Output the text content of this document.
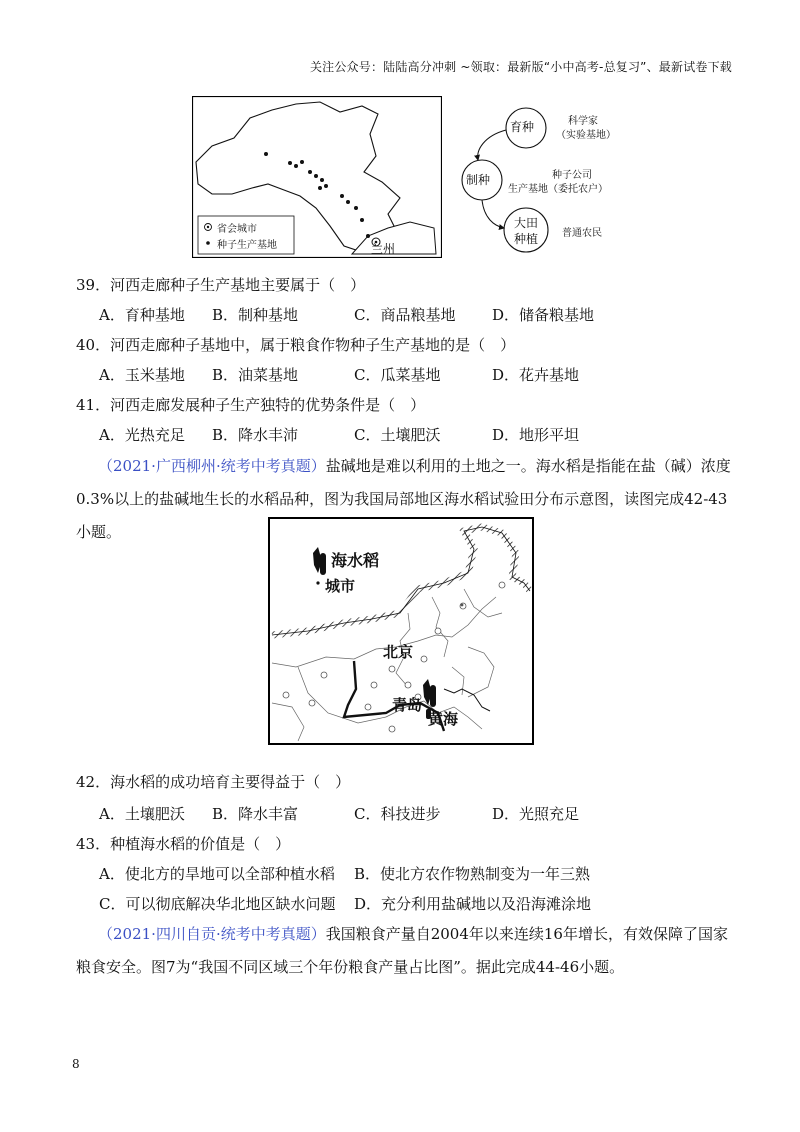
关注公众号：陆陆高分冲刺 ~领取：最新版“小中高考-总复习”、最新试卷下载
省会城市
种子生产基地	兰州
育种
制种
大田
种植
科学家
（实验基地）
种子公司
生产基地（委托农户）
普通农民
39．河西走廊种子生产基地主要属于（　）
A．育种基地 B．制种基地	C．商品粮基地 D．储备粮基地
40．河西走廊种子基地中，属于粮食作物种子生产基地的是（　）
A．玉米基地 B．油菜基地	C．瓜菜基地	D．花卉基地
41．河西走廊发展种子生产独特的优势条件是（　）
A．光热充足 B．降水丰沛	C．土壤肥沃	D．地形平坦
（2021·广西柳州·统考中考真题）盐碱地是难以利用的土地之一。海水稻是指能在盐（碱）浓度0.3%以上的盐碱地生长的水稻品种，图为我国局部地区海水稻试验田分布示意图，读图完成42-43小题。
海水稻
城市
北京
青岛
黄海
42．海水稻的成功培育主要得益于（　）
A．土壤肥沃 B．降水丰富	C．科技进步	D．光照充足
43．种植海水稻的价值是（　）
A．使北方的旱地可以全部种植水稻 B．使北方农作物熟制变为一年三熟
C．可以彻底解决华北地区缺水问题 D．充分利用盐碱地以及沿海滩涂地
（2021·四川自贡·统考中考真题）我国粮食产量自2004年以来连续16年增长，有效保障了国家粮食安全。图7为“我国不同区域三个年份粮食产量占比图”。据此完成44-46小题。
8
